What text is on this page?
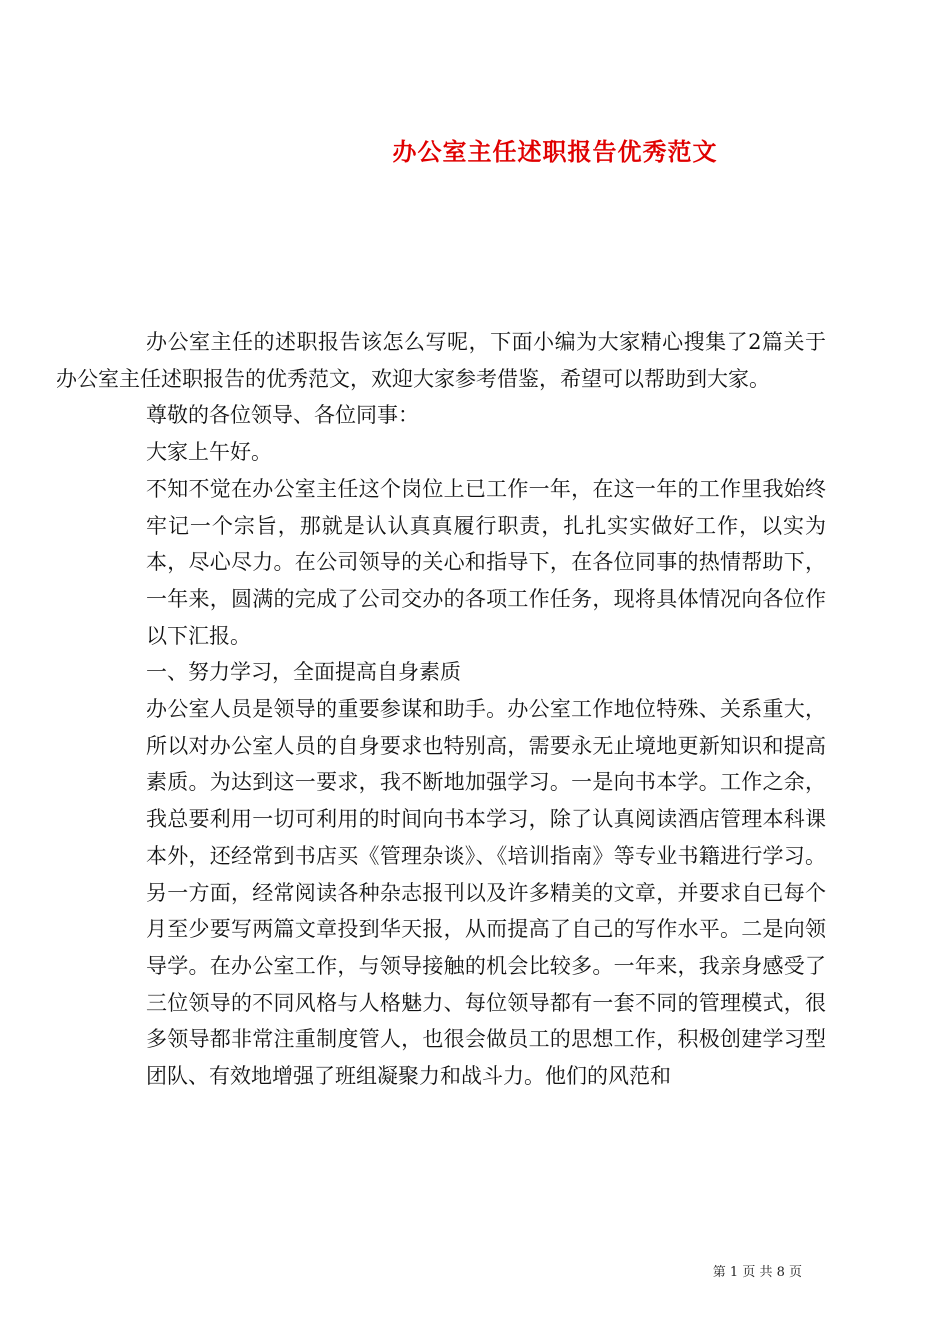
办公室主任述职报告优秀范文

办公室主任的述职报告该怎么写呢，下面小编为大家精心搜集了2篇关于办公室主任述职报告的优秀范文，欢迎大家参考借鉴，希望可以帮助到大家。

尊敬的各位领导、各位同事：

大家上午好。

不知不觉在办公室主任这个岗位上已工作一年，在这一年的工作里我始终牢记一个宗旨，那就是认认真真履行职责，扎扎实实做好工作，以实为本，尽心尽力。在公司领导的关心和指导下，在各位同事的热情帮助下，一年来，圆满的完成了公司交办的各项工作任务，现将具体情况向各位作以下汇报。

一、努力学习，全面提高自身素质

办公室人员是领导的重要参谋和助手。办公室工作地位特殊、关系重大，所以对办公室人员的自身要求也特别高，需要永无止境地更新知识和提高素质。为达到这一要求，我不断地加强学习。一是向书本学。工作之余，我总要利用一切可利用的时间向书本学习，除了认真阅读酒店管理本科课本外，还经常到书店买《管理杂谈》、《培训指南》等专业书籍进行学习。另一方面，经常阅读各种杂志报刊以及许多精美的文章，并要求自已每个月至少要写两篇文章投到华天报，从而提高了自己的写作水平。二是向领导学。在办公室工作，与领导接触的机会比较多。一年来，我亲身感受了三位领导的不同风格与人格魅力、每位领导都有一套不同的管理模式，很多领导都非常注重制度管人，也很会做员工的思想工作，积极创建学习型团队、有效地增强了班组凝聚力和战斗力。他们的风范和

第 1 页 共 8 页
